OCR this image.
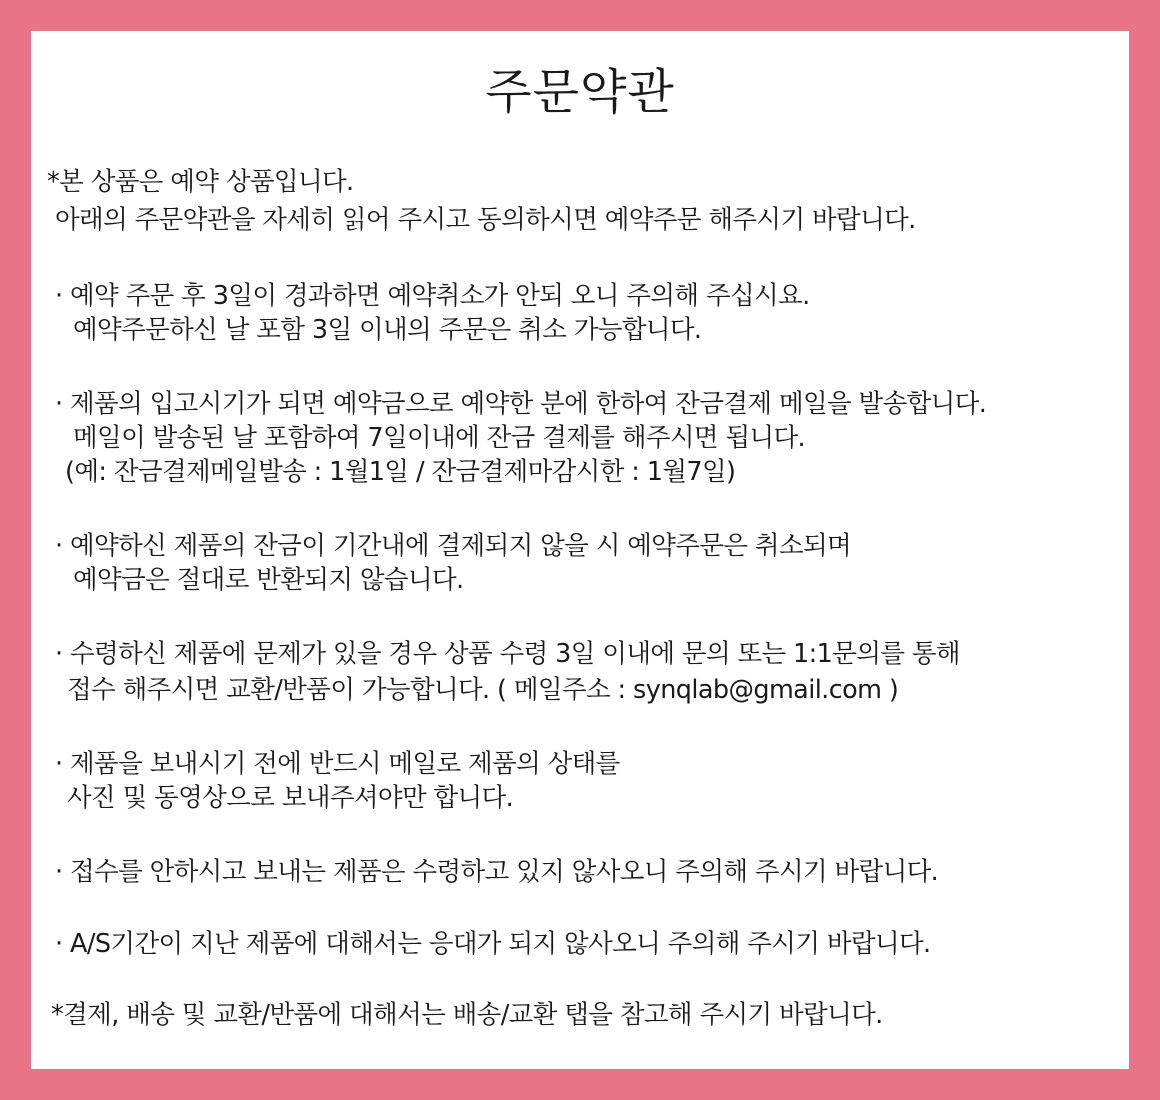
주문약관
*본 상품은 예약 상품입니다.
아래의 주문약관을 자세히 읽어 주시고 동의하시면 예약주문 해주시기 바랍니다.
· 예약 주문 후 3일이 경과하면 예약취소가 안되 오니 주의해 주십시요.
예약주문하신 날 포함 3일 이내의 주문은 취소 가능합니다.
· 제품의 입고시기가 되면 예약금으로 예약한 분에 한하여 잔금결제 메일을 발송합니다.
메일이 발송된 날 포함하여 7일이내에 잔금 결제를 해주시면 됩니다.
(예: 잔금결제메일발송 : 1월1일 / 잔금결제마감시한 : 1월7일)
· 예약하신 제품의 잔금이 기간내에 결제되지 않을 시 예약주문은 취소되며
예약금은 절대로 반환되지 않습니다.
· 수령하신 제품에 문제가 있을 경우 상품 수령 3일 이내에 문의 또는 1:1문의를 통해
접수 해주시면 교환/반품이 가능합니다. ( 메일주소 : synqlab@gmail.com )
· 제품을 보내시기 전에 반드시 메일로 제품의 상태를
사진 및 동영상으로 보내주셔야만 합니다.
· 접수를 안하시고 보내는 제품은 수령하고 있지 않사오니 주의해 주시기 바랍니다.
· A/S기간이 지난 제품에 대해서는 응대가 되지 않사오니 주의해 주시기 바랍니다.
*결제, 배송 및 교환/반품에 대해서는 배송/교환 탭을 참고해 주시기 바랍니다.
